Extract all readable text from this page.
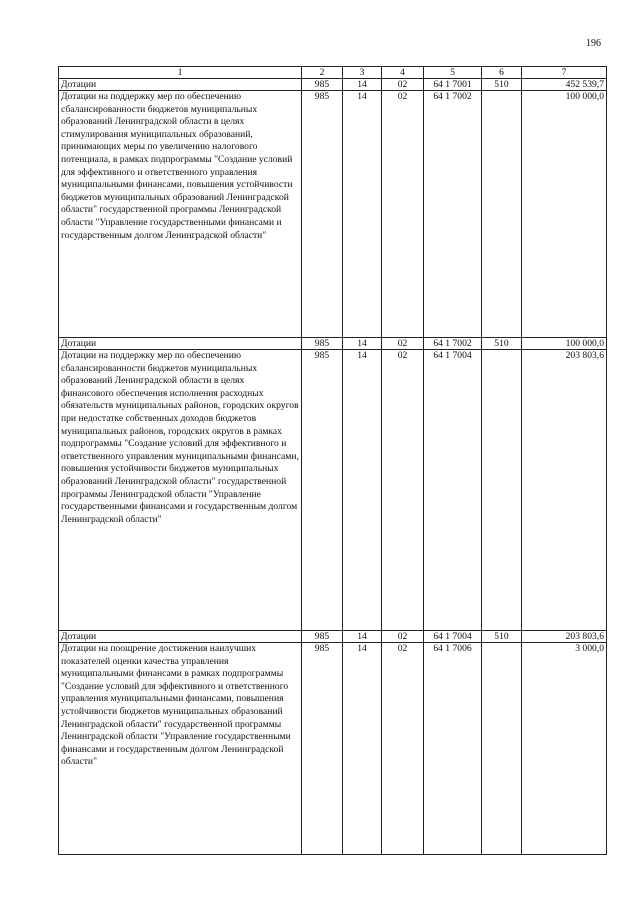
196
1	2	3	4	5	6	7
Дотации	985	14	02	64 1 7001	510	452 539,7
Дотации на поддержку мер по обеспечению сбалансированности бюджетов муниципальных образований Ленинградской области в целях стимулирования муниципальных образований, принимающих меры по увеличению налогового потенциала, в рамках подпрограммы "Создание условий для эффективного и ответственного управления муниципальными финансами, повышения устойчивости бюджетов муниципальных образований Ленинградской области" государственной программы Ленинградской области "Управление государственными финансами и государственным долгом Ленинградской области"	985	14	02	64 1 7002		100 000,0
Дотации	985	14	02	64 1 7002	510	100 000,0
Дотации на поддержку мер по обеспечению сбалансированности бюджетов муниципальных образований Ленинградской области в целях финансового обеспечения исполнения расходных обязательств муниципальных районов, городских округов при недостатке собственных доходов бюджетов муниципальных районов, городских округов в рамках подпрограммы "Создание условий для эффективного и ответственного управления муниципальными финансами, повышения устойчивости бюджетов муниципальных образований Ленинградской области" государственной программы Ленинградской области "Управление государственными финансами и государственным долгом Ленинградской области"	985	14	02	64 1 7004		203 803,6
Дотации	985	14	02	64 1 7004	510	203 803,6
Дотации на поощрение достижения наилучших показателей оценки качества управления муниципальными финансами в рамках подпрограммы "Создание условий для эффективного и ответственного управления муниципальными финансами, повышения устойчивости бюджетов муниципальных образований Ленинградской области" государственной программы Ленинградской области "Управление государственными финансами и государственным долгом Ленинградской области"	985	14	02	64 1 7006		3 000,0
